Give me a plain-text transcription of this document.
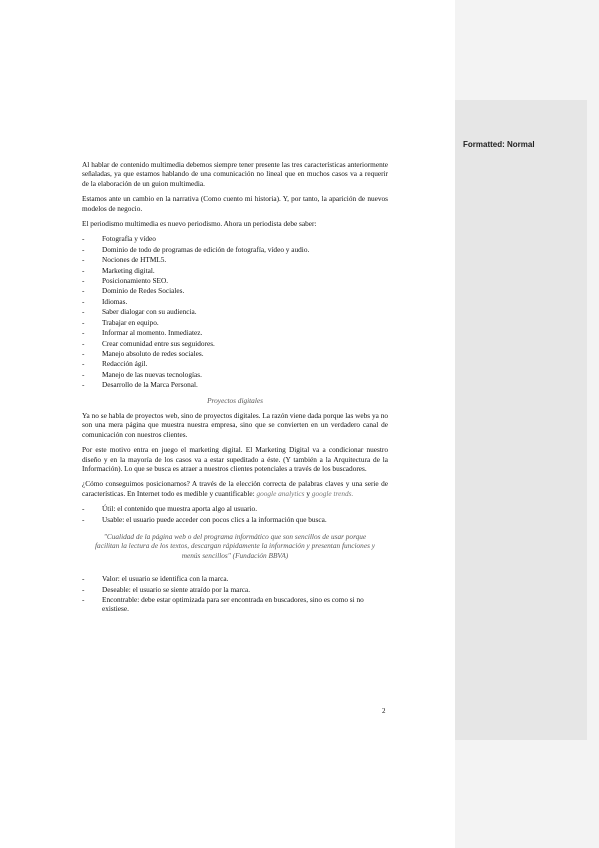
Al hablar de contenido multimedia debemos siempre tener presente las tres características anteriormente señaladas, ya que estamos hablando de una comunicación no lineal que en muchos casos va a requerir de la elaboración de un guion multimedia.

Estamos ante un cambio en la narrativa (Como cuento mi historia). Y, por tanto, la aparición de nuevos modelos de negocio.

El periodismo multimedia es nuevo periodismo. Ahora un periodista debe saber:

- Fotografía y vídeo
- Dominio de todo de programas de edición de fotografía, vídeo y audio.
- Nociones de HTML5.
- Marketing digital.
- Posicionamiento SEO.
- Dominio de Redes Sociales.
- Idiomas.
- Saber dialogar con su audiencia.
- Trabajar en equipo.
- Informar al momento. Inmediatez.
- Crear comunidad entre sus seguidores.
- Manejo absoluto de redes sociales.
- Redacción ágil.
- Manejo de las nuevas tecnologías.
- Desarrollo de la Marca Personal.
Proyectos digitales

Ya no se habla de proyectos web, sino de proyectos digitales. La razón viene dada porque las webs ya no son una mera página que muestra nuestra empresa, sino que se convierten en un verdadero canal de comunicación con nuestros clientes.

Por este motivo entra en juego el marketing digital. El Marketing Digital va a condicionar nuestro diseño y en la mayoría de los casos va a estar supeditado a éste. (Y también a la Arquitectura de la Información). Lo que se busca es atraer a nuestros clientes potenciales a través de los buscadores.

¿Cómo conseguimos posicionarnos? A través de la elección correcta de palabras claves y una serie de características. En Internet todo es medible y cuantificable: google analytics y google trends.

- Útil: el contenido que muestra aporta algo al usuario.
- Usable: el usuario puede acceder con pocos clics a la información que busca.
"Cualidad de la página web o del programa informático que son sencillos de usar porque facilitan la lectura de los textos, descargan rápidamente la información y presentan funciones y menús sencillos" (Fundación BBVA)
- Valor: el usuario se identifica con la marca.
- Deseable: el usuario se siente atraído por la marca.
- Encontrable: debe estar optimizada para ser encontrada en buscadores, sino es como si no existiese.
2
Formatted: Normal
